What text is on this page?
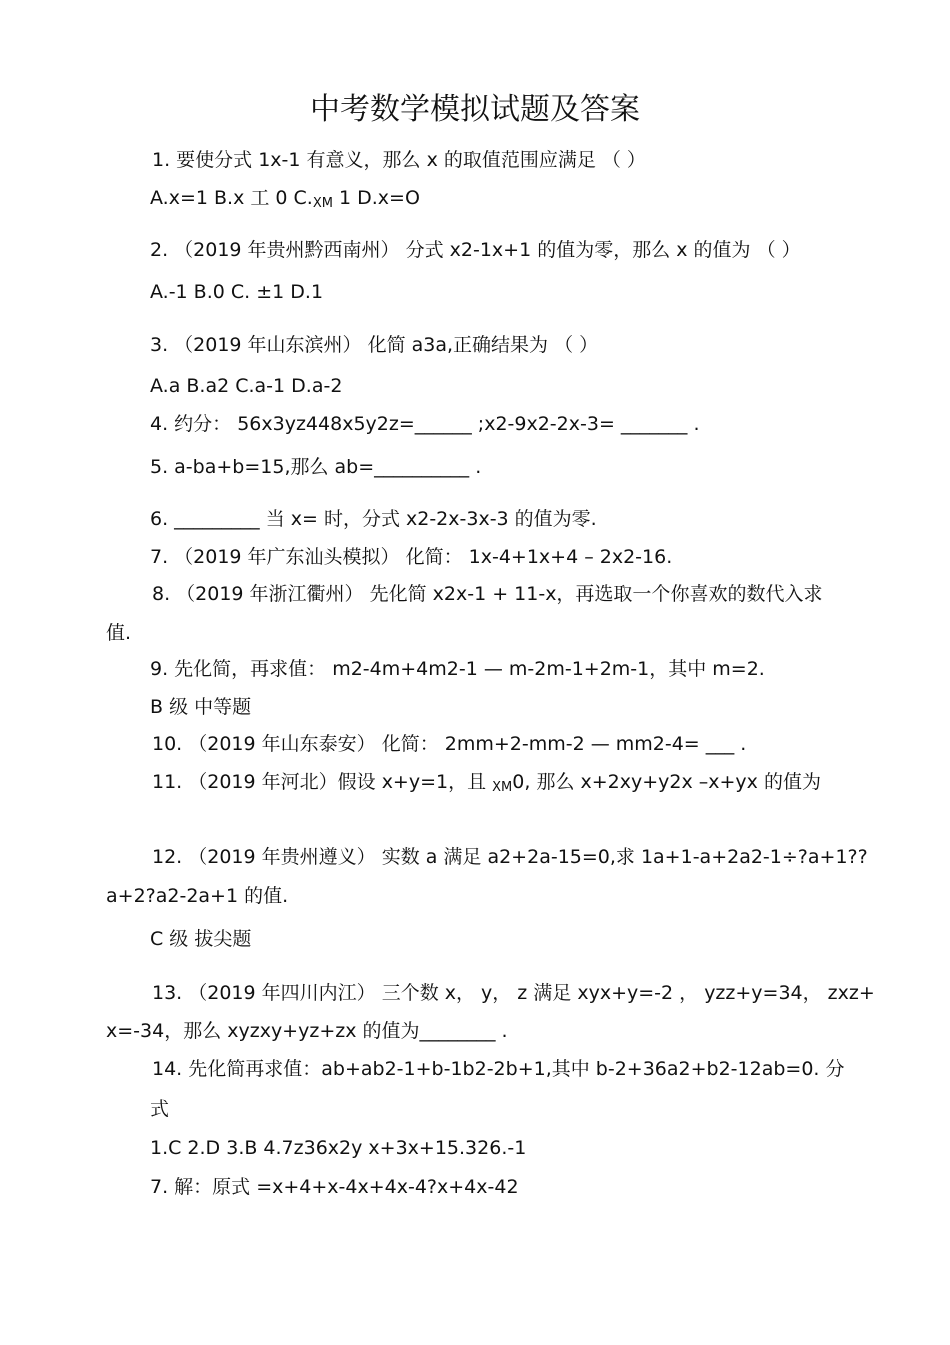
中考数学模拟试题及答案
1. 要使分式 1x-1 有意义，那么 x 的取值范围应满足 （ ）
A.x=1 B.x 工 0 $C._{XM}$ 1 D.x=O
2. （2019 年贵州黔西南州） 分式 x2-1x+1 的值为零，那么 x 的值为 （ ）
A.-1 B.0 C. ±1 D.1
3. （2019 年山东滨州） 化简 a3a,正确结果为 （ ）
A.a B.a2 C.a-1 D.a-2
4. 约分： 56x3yz448x5y2z=______ ;x2-9x2-2x-3= _______ .
5. a-ba+b=15,那么 ab=__________ .
6. _________ 当 x= 时，分式 x2-2x-3x-3 的值为零.
7. （2019 年广东汕头模拟） 化简： 1x-4+1x+4 – 2x2-16.
8. （2019 年浙江衢州） 先化简 x2x-1 + 11-x，再选取一个你喜欢的数代入求
值.
9. 先化简，再求值： m2-4m+4m2-1 — m-2m-1+2m-1，其中 m=2.
B 级 中等题
10. （2019 年山东泰安） 化简： 2mm+2-mm-2 — mm2-4= ___ .
11. （2019 年河北）假设 x+y=1，且 $_{XM}$0, 那么 x+2xy+y2x –x+yx 的值为
12. （2019 年贵州遵义） 实数 a 满足 a2+2a-15=0,求 1a+1-a+2a2-1÷?a+1??
a+2?a2-2a+1 的值.
C 级 拔尖题
13. （2019 年四川内江） 三个数 x， y， z 满足 xyx+y=-2 ， yzz+y=34， zxz+
x=-34，那么 xyzxy+yz+zx 的值为________ .
14. 先化简再求值：ab+ab2-1+b-1b2-2b+1,其中 b-2+36a2+b2-12ab=0. 分
式
1.C 2.D 3.B 4.7z36x2y x+3x+15.326.-1
7. 解：原式 =x+4+x-4x+4x-4?x+4x-42
